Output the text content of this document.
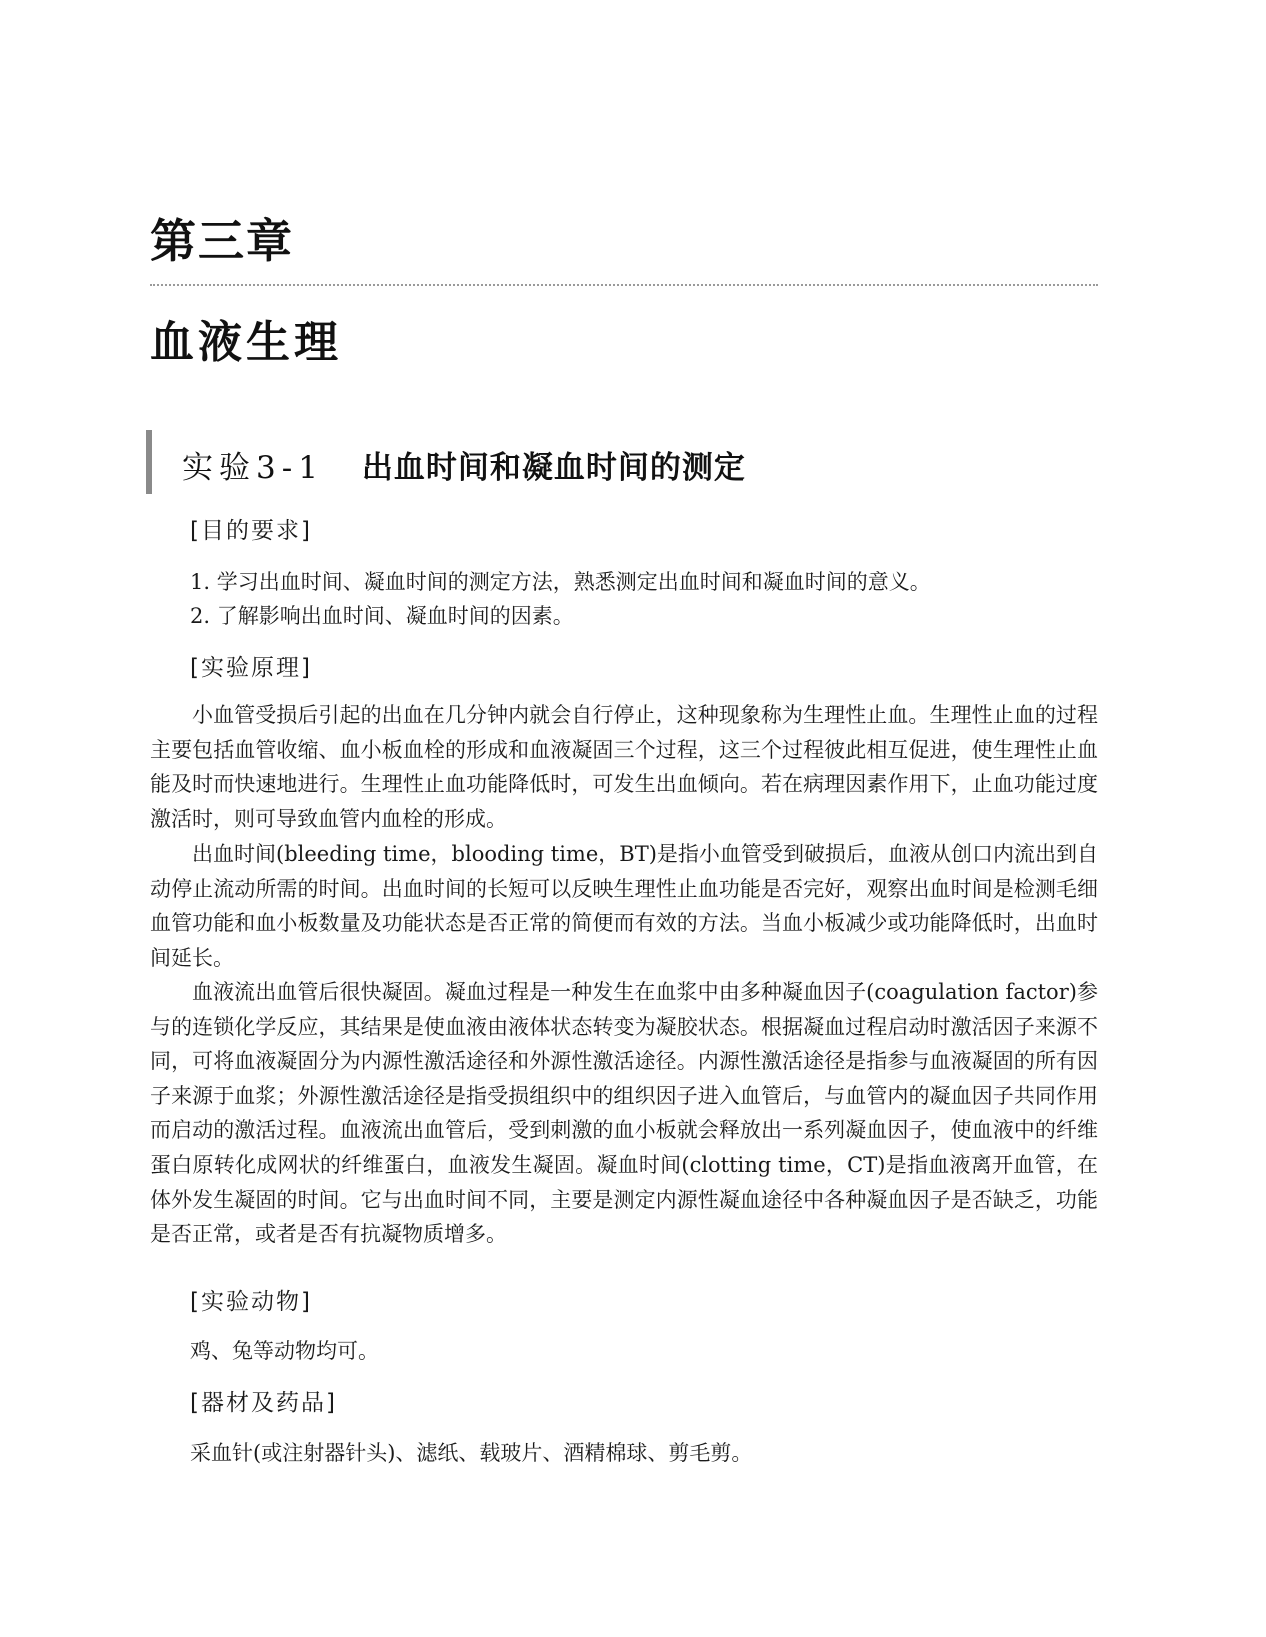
第三章
血液生理
实验3-1 出血时间和凝血时间的测定
[目的要求]
1. 学习出血时间、凝血时间的测定方法，熟悉测定出血时间和凝血时间的意义。
2. 了解影响出血时间、凝血时间的因素。
[实验原理]

小血管受损后引起的出血在几分钟内就会自行停止，这种现象称为生理性止血。生理性止血的过程主要包括血管收缩、血小板血栓的形成和血液凝固三个过程，这三个过程彼此相互促进，使生理性止血能及时而快速地进行。生理性止血功能降低时，可发生出血倾向。若在病理因素作用下，止血功能过度激活时，则可导致血管内血栓的形成。

出血时间(bleeding time，blooding time，BT)是指小血管受到破损后，血液从创口内流出到自动停止流动所需的时间。出血时间的长短可以反映生理性止血功能是否完好，观察出血时间是检测毛细血管功能和血小板数量及功能状态是否正常的简便而有效的方法。当血小板减少或功能降低时，出血时间延长。

血液流出血管后很快凝固。凝血过程是一种发生在血浆中由多种凝血因子(coagulation factor)参与的连锁化学反应，其结果是使血液由液体状态转变为凝胶状态。根据凝血过程启动时激活因子来源不同，可将血液凝固分为内源性激活途径和外源性激活途径。内源性激活途径是指参与血液凝固的所有因子来源于血浆；外源性激活途径是指受损组织中的组织因子进入血管后，与血管内的凝血因子共同作用而启动的激活过程。血液流出血管后，受到刺激的血小板就会释放出一系列凝血因子，使血液中的纤维蛋白原转化成网状的纤维蛋白，血液发生凝固。凝血时间(clotting time，CT)是指血液离开血管，在体外发生凝固的时间。它与出血时间不同，主要是测定内源性凝血途径中各种凝血因子是否缺乏，功能是否正常，或者是否有抗凝物质增多。

[实验动物]
鸡、兔等动物均可。
[器材及药品]
采血针(或注射器针头)、滤纸、载玻片、酒精棉球、剪毛剪。
